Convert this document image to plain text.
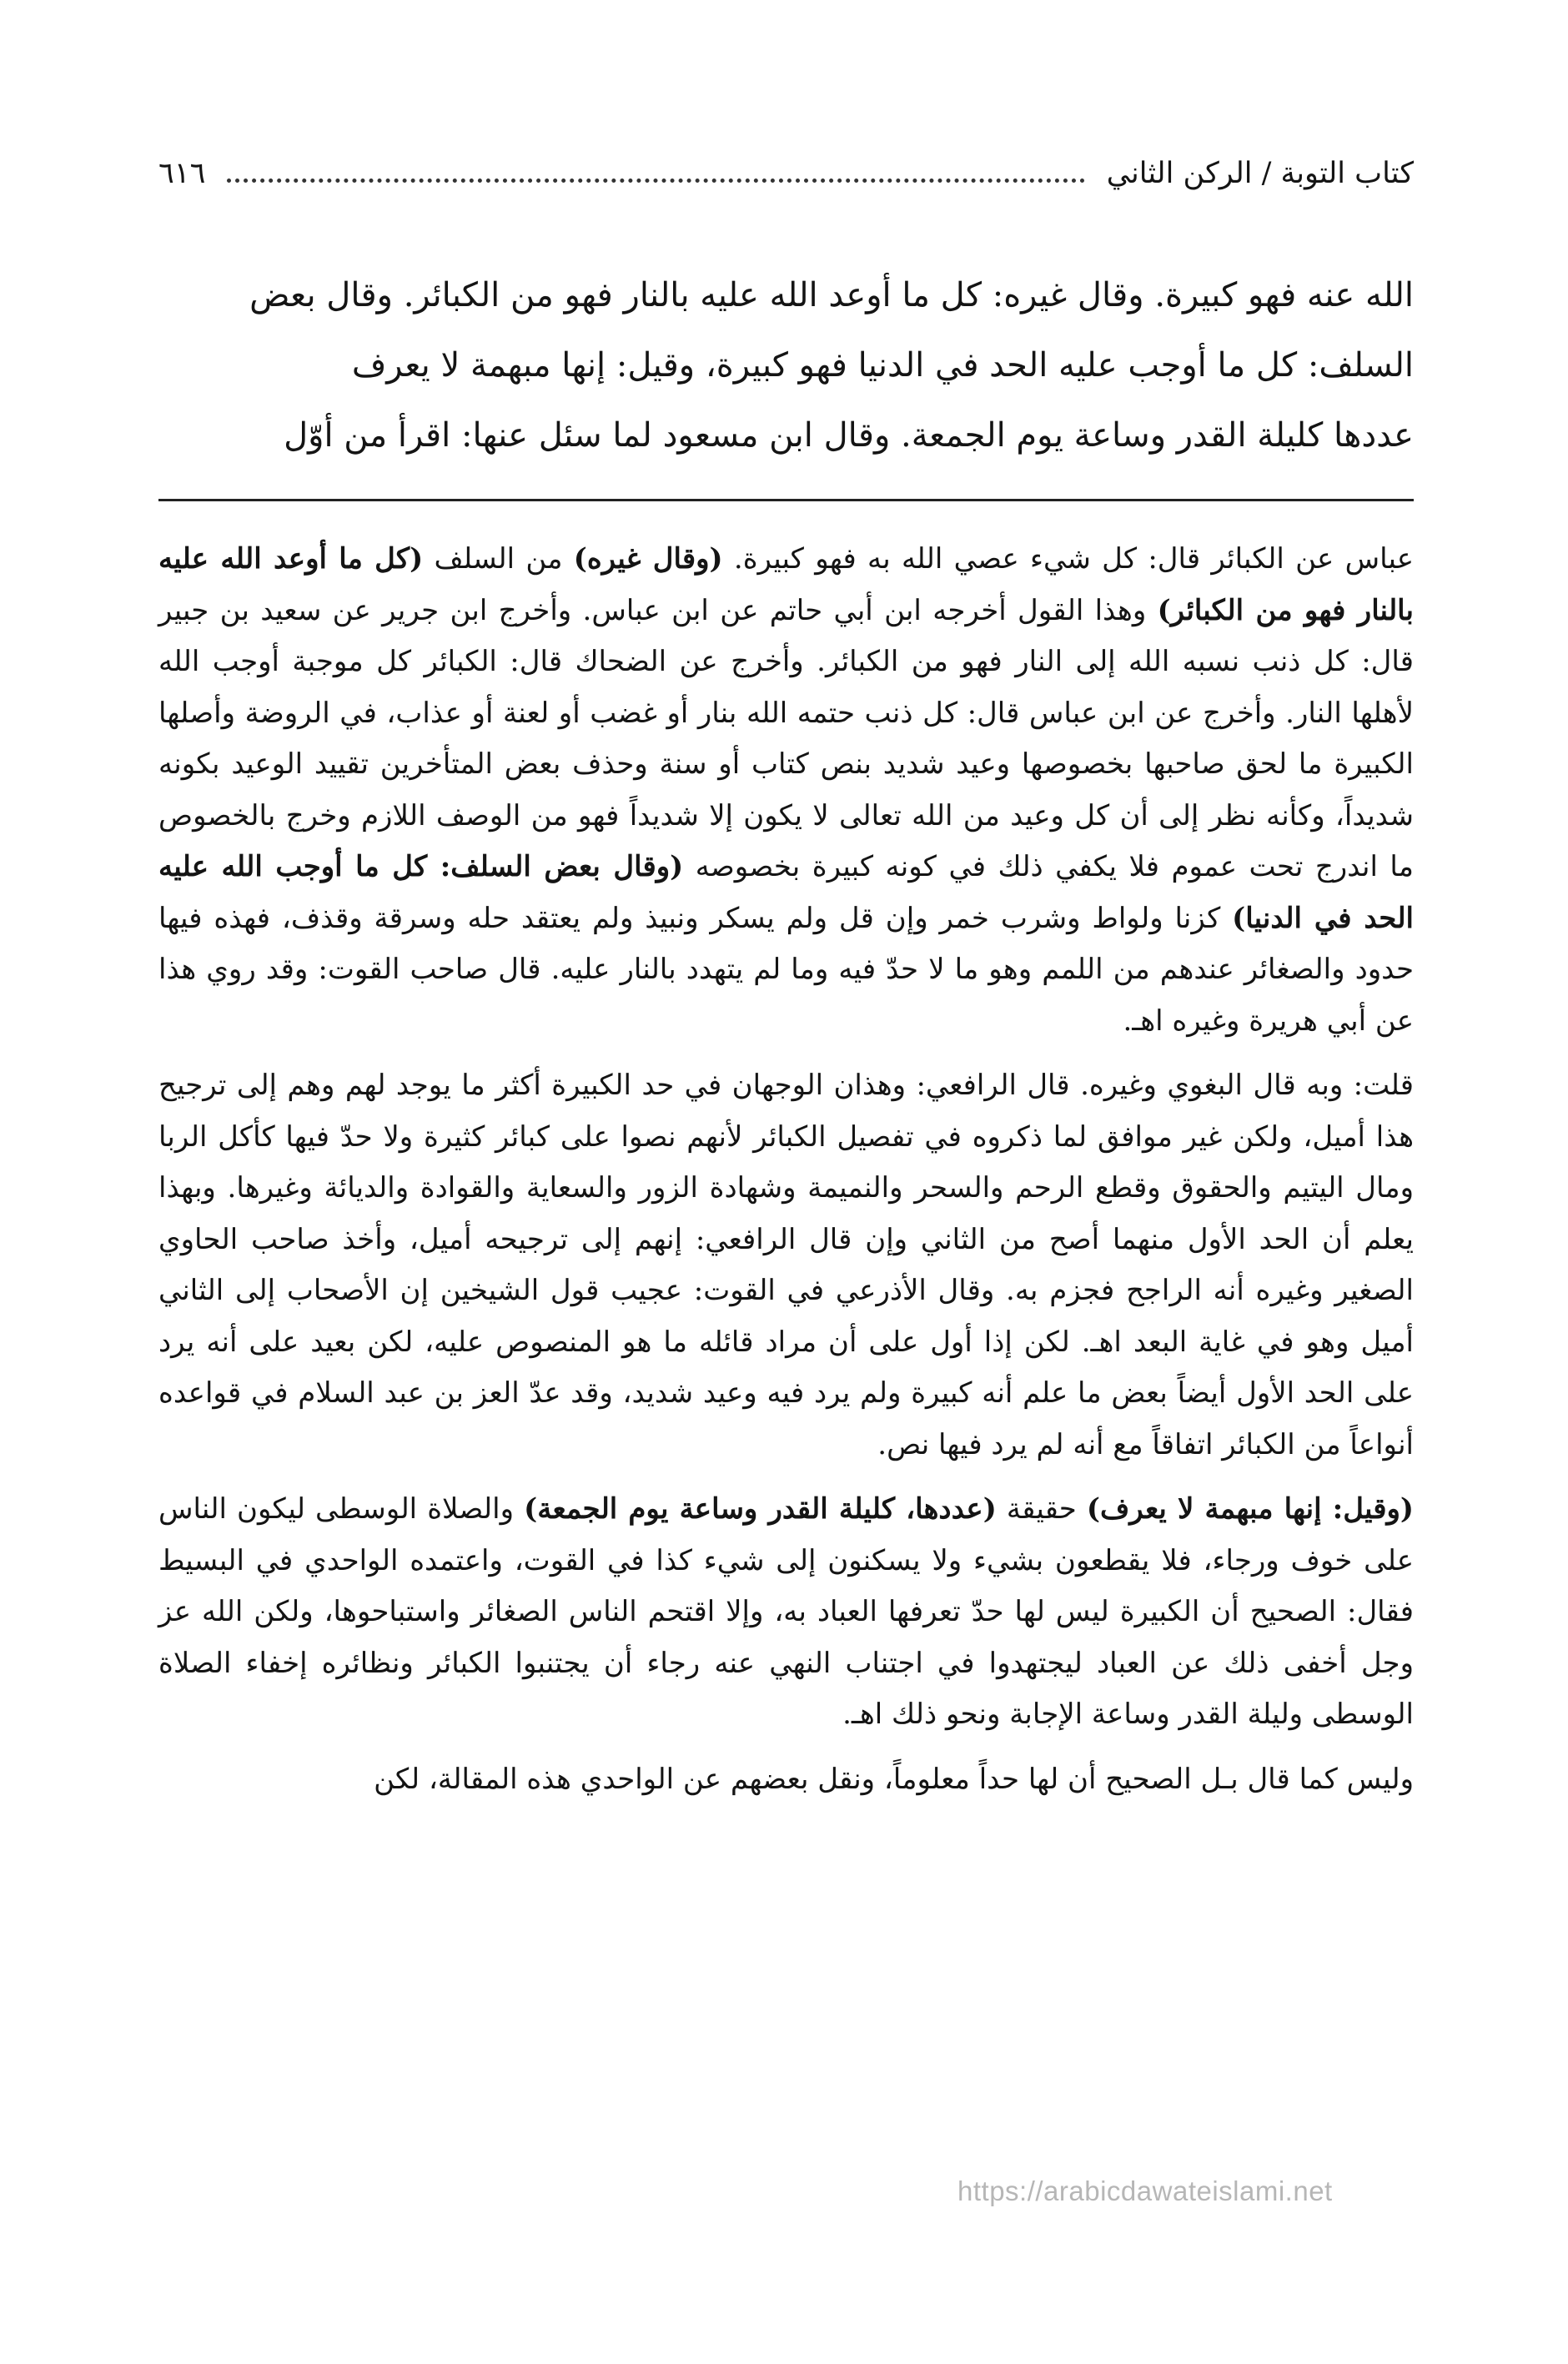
كتاب التوبة / الركن الثاني
٦١٦

الله عنه فهو كبيرة. وقال غيره: كل ما أوعد الله عليه بالنار فهو من الكبائر. وقال بعض

السلف: كل ما أوجب عليه الحد في الدنيا فهو كبيرة، وقيل: إنها مبهمة لا يعرف

عددها كليلة القدر وساعة يوم الجمعة. وقال ابن مسعود لما سئل عنها: اقرأ من أوّل

عباس عن الكبائر قال: كل شيء عصي الله به فهو كبيرة. (وقال غيره) من السلف (كل ما أوعد الله عليه بالنار فهو من الكبائر) وهذا القول أخرجه ابن أبي حاتم عن ابن عباس. وأخرج ابن جرير عن سعيد بن جبير قال: كل ذنب نسبه الله إلى النار فهو من الكبائر. وأخرج عن الضحاك قال: الكبائر كل موجبة أوجب الله لأهلها النار. وأخرج عن ابن عباس قال: كل ذنب حتمه الله بنار أو غضب أو لعنة أو عذاب، في الروضة وأصلها الكبيرة ما لحق صاحبها بخصوصها وعيد شديد بنص كتاب أو سنة وحذف بعض المتأخرين تقييد الوعيد بكونه شديداً، وكأنه نظر إلى أن كل وعيد من الله تعالى لا يكون إلا شديداً فهو من الوصف اللازم وخرج بالخصوص ما اندرج تحت عموم فلا يكفي ذلك في كونه كبيرة بخصوصه (وقال بعض السلف: كل ما أوجب الله عليه الحد في الدنيا) كزنا ولواط وشرب خمر وإن قل ولم يسكر ونبيذ ولم يعتقد حله وسرقة وقذف، فهذه فيها حدود والصغائر عندهم من اللمم وهو ما لا حدّ فيه وما لم يتهدد بالنار عليه. قال صاحب القوت: وقد روي هذا عن أبي هريرة وغيره اهـ.

قلت: وبه قال البغوي وغيره. قال الرافعي: وهذان الوجهان في حد الكبيرة أكثر ما يوجد لهم وهم إلى ترجيح هذا أميل، ولكن غير موافق لما ذكروه في تفصيل الكبائر لأنهم نصوا على كبائر كثيرة ولا حدّ فيها كأكل الربا ومال اليتيم والحقوق وقطع الرحم والسحر والنميمة وشهادة الزور والسعاية والقوادة والديائة وغيرها. وبهذا يعلم أن الحد الأول منهما أصح من الثاني وإن قال الرافعي: إنهم إلى ترجيحه أميل، وأخذ صاحب الحاوي الصغير وغيره أنه الراجح فجزم به. وقال الأذرعي في القوت: عجيب قول الشيخين إن الأصحاب إلى الثاني أميل وهو في غاية البعد اهـ. لكن إذا أول على أن مراد قائله ما هو المنصوص عليه، لكن بعيد على أنه يرد على الحد الأول أيضاً بعض ما علم أنه كبيرة ولم يرد فيه وعيد شديد، وقد عدّ العز بن عبد السلام في قواعده أنواعاً من الكبائر اتفاقاً مع أنه لم يرد فيها نص.

(وقيل: إنها مبهمة لا يعرف) حقيقة (عددها، كليلة القدر وساعة يوم الجمعة) والصلاة الوسطى ليكون الناس على خوف ورجاء، فلا يقطعون بشيء ولا يسكنون إلى شيء كذا في القوت، واعتمده الواحدي في البسيط فقال: الصحيح أن الكبيرة ليس لها حدّ تعرفها العباد به، وإلا اقتحم الناس الصغائر واستباحوها، ولكن الله عز وجل أخفى ذلك عن العباد ليجتهدوا في اجتناب النهي عنه رجاء أن يجتنبوا الكبائر ونظائره إخفاء الصلاة الوسطى وليلة القدر وساعة الإجابة ونحو ذلك اهـ.

وليس كما قال بـل الصحيح أن لها حداً معلوماً، ونقل بعضهم عن الواحدي هذه المقالة، لكن

https://arabicdawateislami.net
